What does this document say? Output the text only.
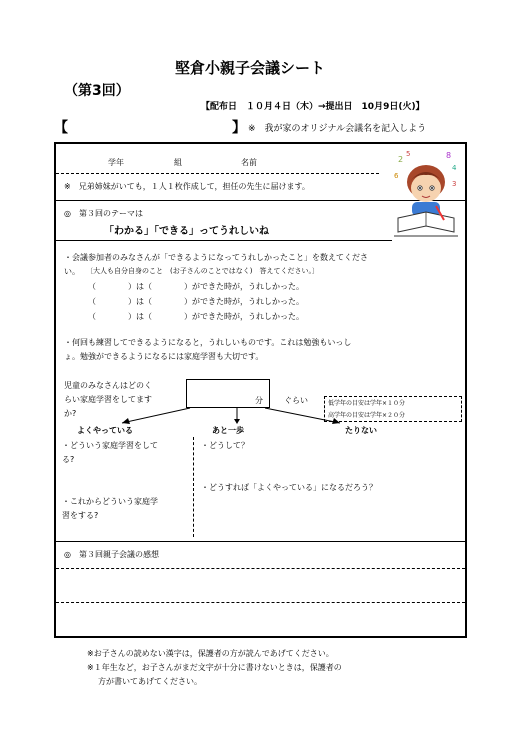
堅倉小親子会議シート
（第3回）
【配布日　１０月４日（木）→提出日　10月9日(火)】
【	】 ※　我が家のオリジナル会議名を記入しよう
学年	組	名前
※　兄弟姉妹がいても，１人１枚作成して，担任の先生に届けます。
2
5	8
4
6
3
◎　第３回のテーマは
「わかる」「できる」ってうれしいね
・会議参加者のみなさんが「できるようになってうれしかったこと」を数えてくださ
い。 〔大人も自分自身のこと　(お子さんのことではなく)　答えてください。〕
（　　　　）は（　　　　）ができた時が，うれしかった。
（　　　　）は（　　　　）ができた時が，うれしかった。
（　　　　）は（　　　　）ができた時が，うれしかった。
・何回も練習してできるようになると，うれしいものです。これは勉強もいっし
ょ。勉強ができるようになるには家庭学習も大切です。
児童のみなさんはどのく
らい家庭学習をしてます
か?
分	ぐらい	低学年の目安は学年×１０分
高学年の目安は学年×２０分
よくやっている	あと一歩	たりない
・どういう家庭学習をして
る?
・これからどういう家庭学
習をする?
・どうして？
・どうすれば「よくやっている」になるだろう？
◎　第３回親子会議の感想
※お子さんの読めない漢字は，保護者の方が読んであげてください。
※１年生など，お子さんがまだ文字が十分に書けないときは，保護者の
方が書いてあげてください。
